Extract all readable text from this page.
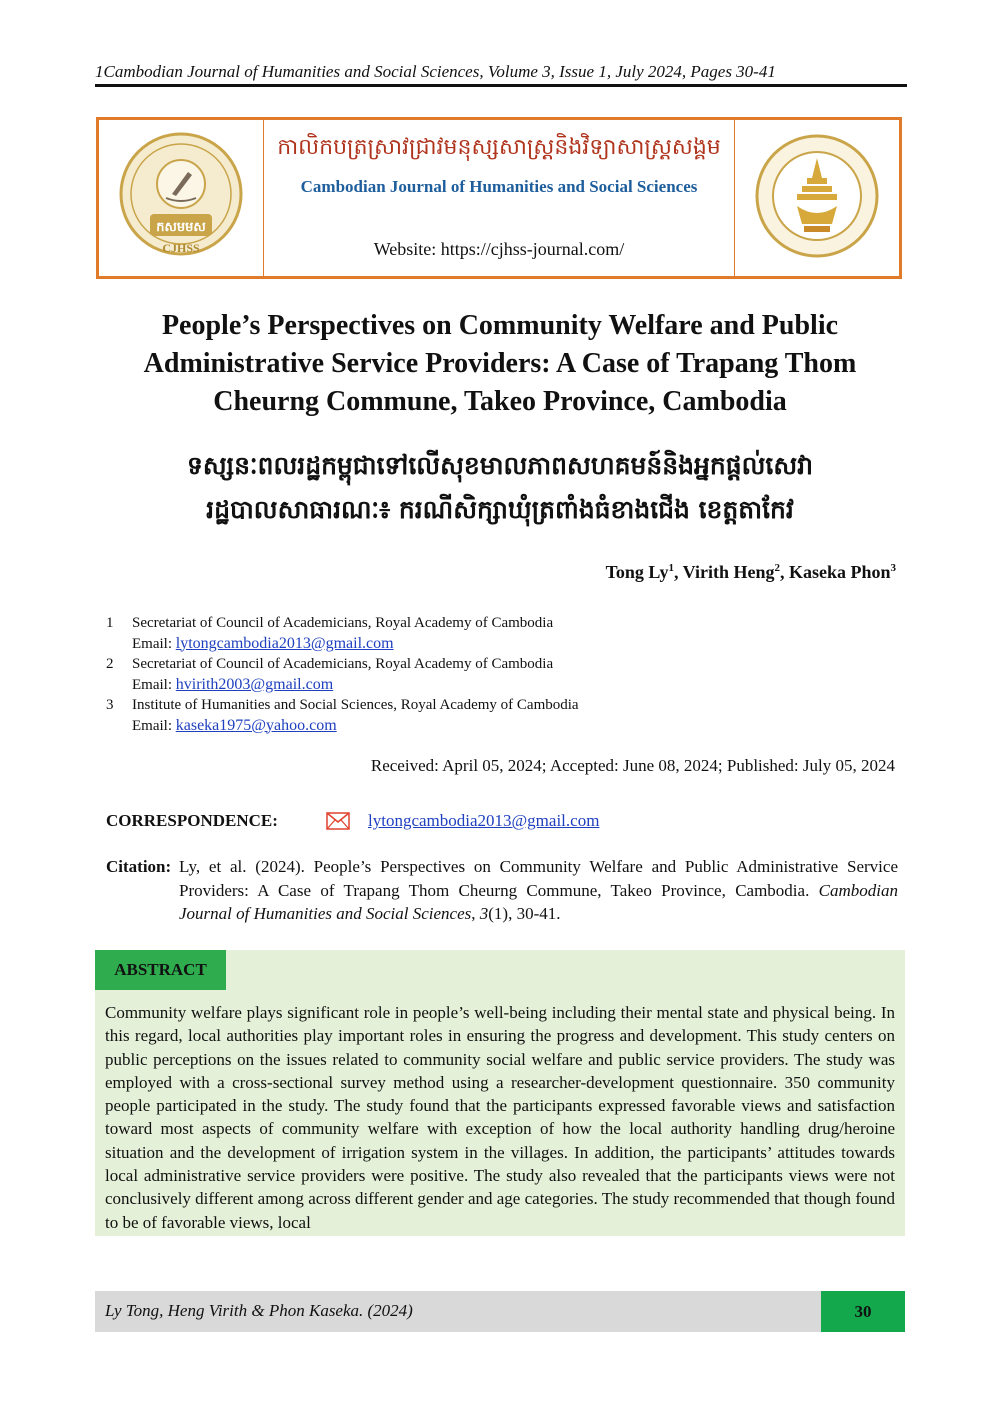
1Cambodian Journal of Humanities and Social Sciences, Volume 3, Issue 1, July 2024, Pages 30-41
កសមមស
CJHSS
កាលិកបត្រស្រាវជ្រាវមនុស្សសាស្ត្រនិងវិទ្យាសាស្ត្រសង្គម
Cambodian Journal of Humanities and Social Sciences
Website: https://cjhss-journal.com/
People’s Perspectives on Community Welfare and Public Administrative Service Providers: A Case of Trapang Thom Cheurng Commune, Takeo Province, Cambodia
ទស្សនៈពលរដ្ឋកម្ពុជាទៅលើសុខមាលភាពសហគមន៍និងអ្នកផ្តល់សេវារដ្ឋបាលសាធារណៈ៖ ករណីសិក្សាឃុំត្រពាំងធំខាងជើង ខេត្តតាកែវ
Tong Ly$^1$, Virith Heng$^2$, Kaseka Phon$^3$
1	Secretariat of Council of Academicians, Royal Academy of Cambodia
Email: lytongcambodia2013@gmail.com
2	Secretariat of Council of Academicians, Royal Academy of Cambodia
Email: hvirith2003@gmail.com
3	Institute of Humanities and Social Sciences, Royal Academy of Cambodia
Email: kaseka1975@yahoo.com
Received: April 05, 2024; Accepted: June 08, 2024; Published: July 05, 2024
CORRESPONDENCE:	lytongcambodia2013@gmail.com
Citation: Ly, et al. (2024). People’s Perspectives on Community Welfare and Public Administrative Service Providers: A Case of Trapang Thom Cheurng Commune, Takeo Province, Cambodia. Cambodian Journal of Humanities and Social Sciences, 3(1), 30-41.
ABSTRACT
Community welfare plays significant role in people’s well-being including their mental state and physical being. In this regard, local authorities play important roles in ensuring the progress and development. This study centers on public perceptions on the issues related to community social welfare and public service providers. The study was employed with a cross-sectional survey method using a researcher-development questionnaire. 350 community people participated in the study. The study found that the participants expressed favorable views and satisfaction toward most aspects of community welfare with exception of how the local authority handling drug/heroine situation and the development of irrigation system in the villages. In addition, the participants’ attitudes towards local administrative service providers were positive. The study also revealed that the participants views were not conclusively different among across different gender and age categories. The study recommended that though found to be of favorable views, local
Ly Tong, Heng Virith & Phon Kaseka. (2024)	30
